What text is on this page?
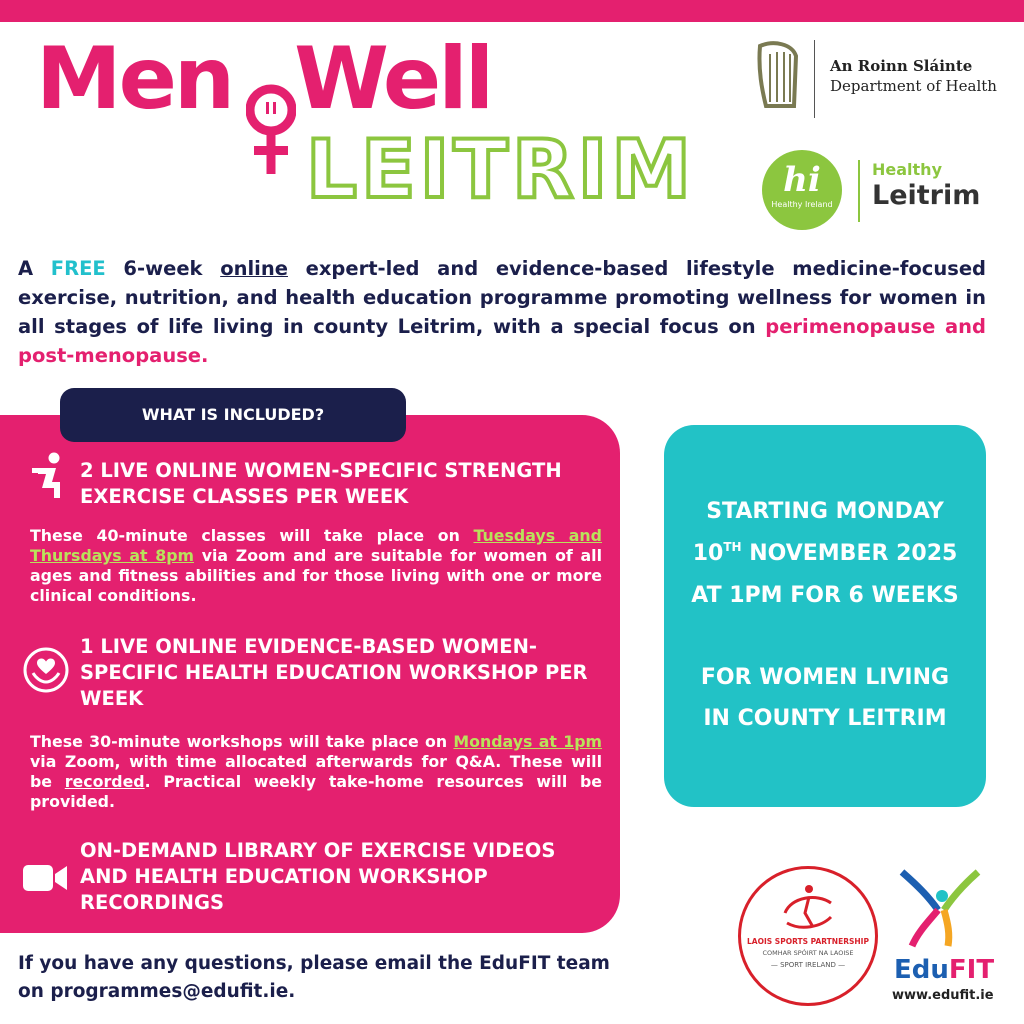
Men Well
LEITRIM
An Roinn Sláinte
Department of Health
hi
Healthy Ireland
Healthy
Leitrim
A FREE 6-week online expert-led and evidence-based lifestyle medicine-focused exercise, nutrition, and health education programme promoting wellness for women in all stages of life living in county Leitrim, with a special focus on perimenopause and post-menopause.
WHAT IS INCLUDED?
2 LIVE ONLINE WOMEN-SPECIFIC STRENGTH EXERCISE CLASSES PER WEEK
These 40-minute classes will take place on Tuesdays and Thursdays at 8pm via Zoom and are suitable for women of all ages and fitness abilities and for those living with one or more clinical conditions.
1 LIVE ONLINE EVIDENCE-BASED WOMEN-SPECIFIC HEALTH EDUCATION WORKSHOP PER WEEK
These 30-minute workshops will take place on Mondays at 1pm via Zoom, with time allocated afterwards for Q&A. These will be recorded. Practical weekly take-home resources will be provided.
ON-DEMAND LIBRARY OF EXERCISE VIDEOS AND HEALTH EDUCATION WORKSHOP RECORDINGS
STARTING MONDAY
10TH NOVEMBER 2025
AT 1PM FOR 6 WEEKS
FOR WOMEN LIVING
IN COUNTY LEITRIM
If you have any questions, please email the EduFIT team on programmes@edufit.ie.
LAOIS SPORTS PARTNERSHIP
COMHAR SPÓIRT NA LAOISE
— SPORT IRELAND —	EduFIT
www.edufit.ie
